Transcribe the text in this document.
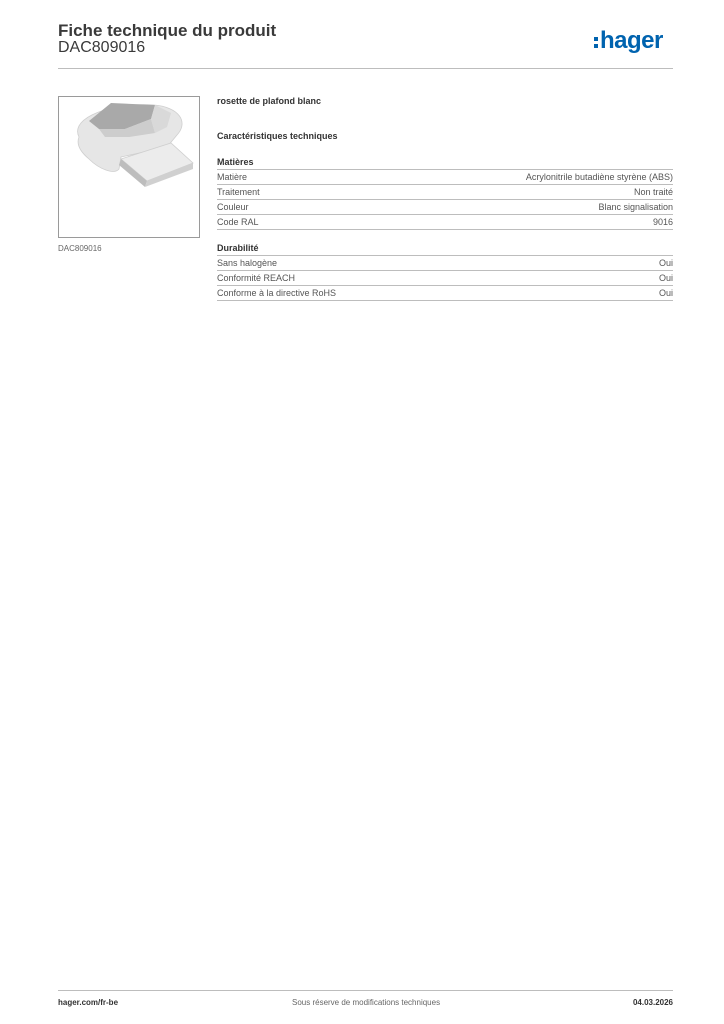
Fiche technique du produit
DAC809016	hager
DAC809016
rosette de plafond blanc
Caractéristiques techniques
Matières
Matière	Acrylonitrile butadiène styrène (ABS)
Traitement	Non traité
Couleur	Blanc signalisation
Code RAL	9016
Durabilité
Sans halogène	Oui
Conformité REACH	Oui
Conforme à la directive RoHS	Oui
hager.com/fr-be	Sous réserve de modifications techniques	04.03.2026
